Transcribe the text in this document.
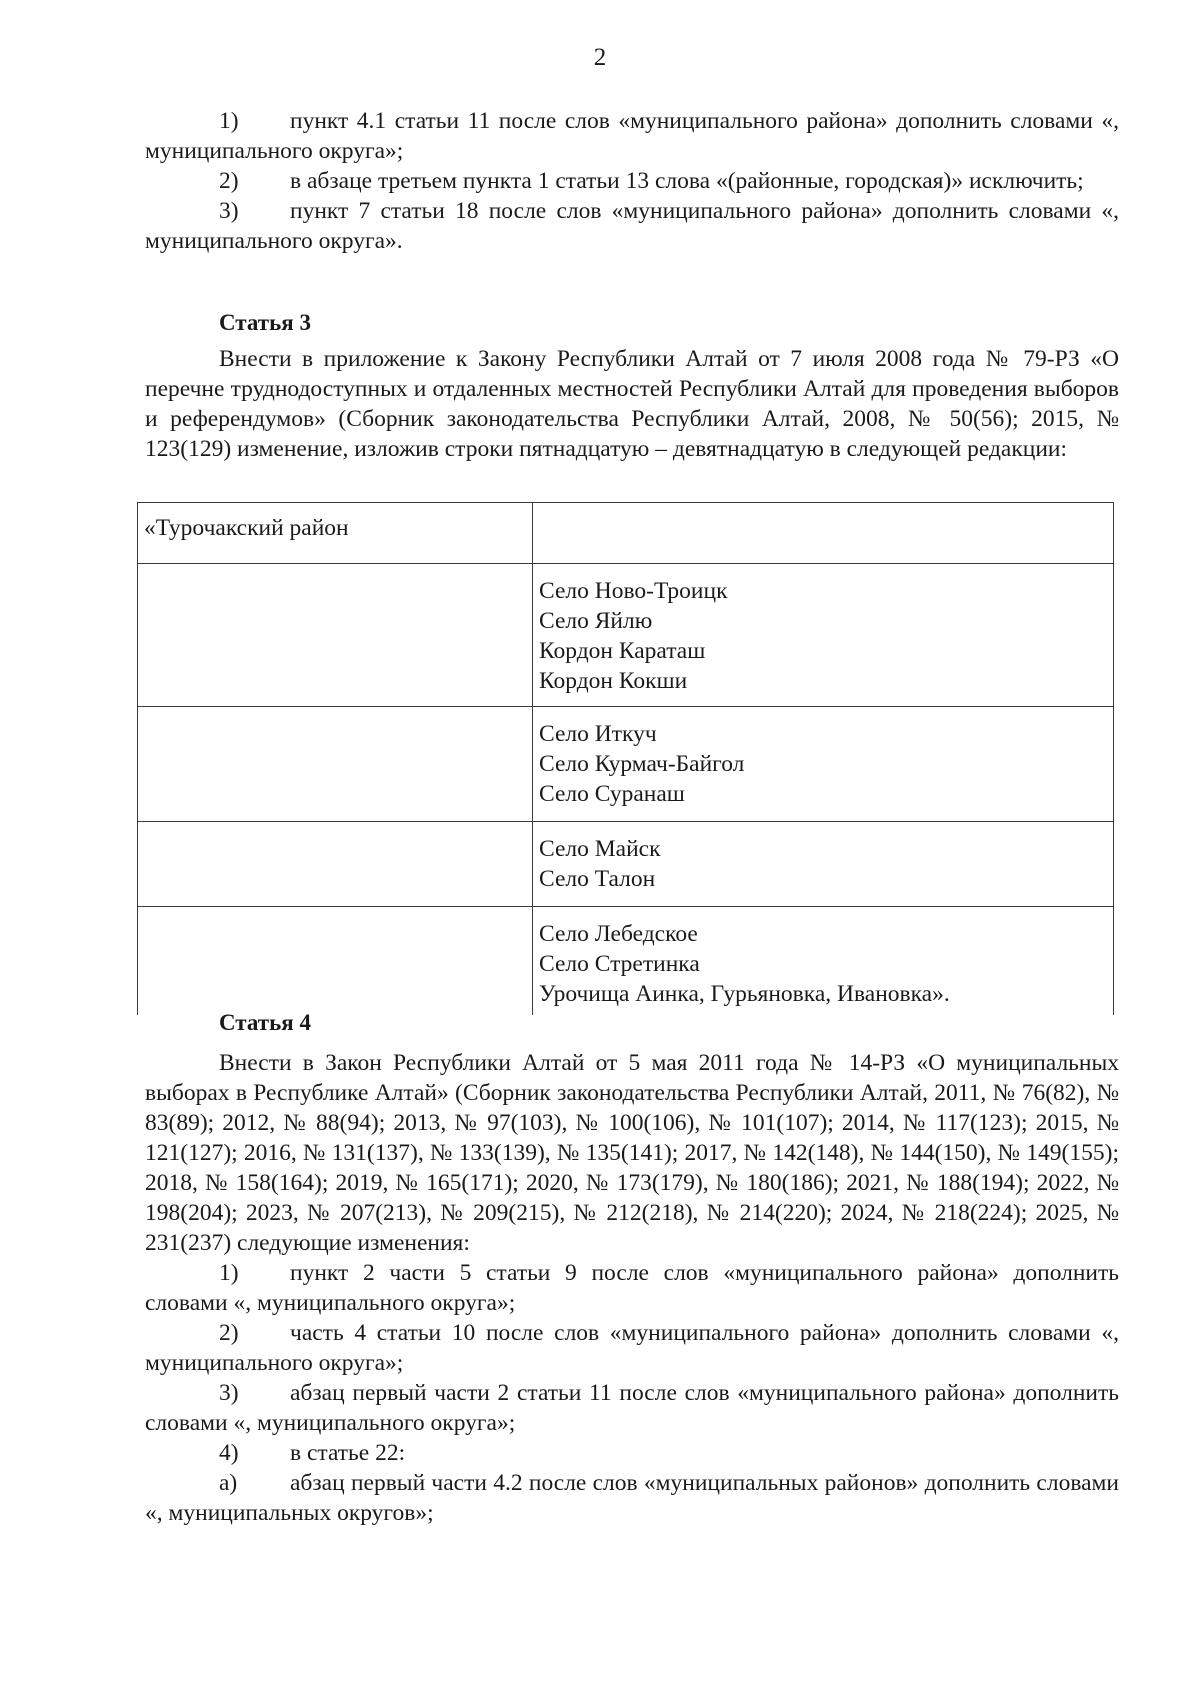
2

1) пункт 4.1 статьи 11 после слов «муниципального района» дополнить словами «, муниципального округа»;

2) в абзаце третьем пункта 1 статьи 13 слова «(районные, городская)» исключить;

3) пункт 7 статьи 18 после слов «муниципального района» дополнить словами «, муниципального округа».

Статья 3

Внести в приложение к Закону Республики Алтай от 7 июля 2008 года № 79-РЗ «О перечне труднодоступных и отдаленных местностей Республики Алтай для проведения выборов и референдумов» (Сборник законодательства Республики Алтай, 2008, № 50(56); 2015, № 123(129) изменение, изложив строки пятнадцатую – девятнадцатую в следующей редакции:

«Турочакский район	

	Село Ново-Троицк
Село Яйлю
Кордон Караташ
Кордон Кокши

	Село Иткуч
Село Курмач-Байгол
Село Суранаш

	Село Майск
Село Талон

	Село Лебедское
Село Стретинка
Урочища Аинка, Гурьяновка, Ивановка».

Статья 4

Внести в Закон Республики Алтай от 5 мая 2011 года № 14-РЗ «О муниципальных выборах в Республике Алтай» (Сборник законодательства Республики Алтай, 2011, № 76(82), № 83(89); 2012, № 88(94); 2013, № 97(103), № 100(106), № 101(107); 2014, № 117(123); 2015, № 121(127); 2016, № 131(137), № 133(139), № 135(141); 2017, № 142(148), № 144(150), № 149(155); 2018, № 158(164); 2019, № 165(171); 2020, № 173(179), № 180(186); 2021, № 188(194); 2022, № 198(204); 2023, № 207(213), № 209(215), № 212(218), № 214(220); 2024, № 218(224); 2025, № 231(237) следующие изменения:

1) пункт 2 части 5 статьи 9 после слов «муниципального района» дополнить словами «, муниципального округа»;

2) часть 4 статьи 10 после слов «муниципального района» дополнить словами «, муниципального округа»;

3) абзац первый части 2 статьи 11 после слов «муниципального района» дополнить словами «, муниципального округа»;

4) в статье 22:

а) абзац первый части 4.2 после слов «муниципальных районов» дополнить словами «, муниципальных округов»;
